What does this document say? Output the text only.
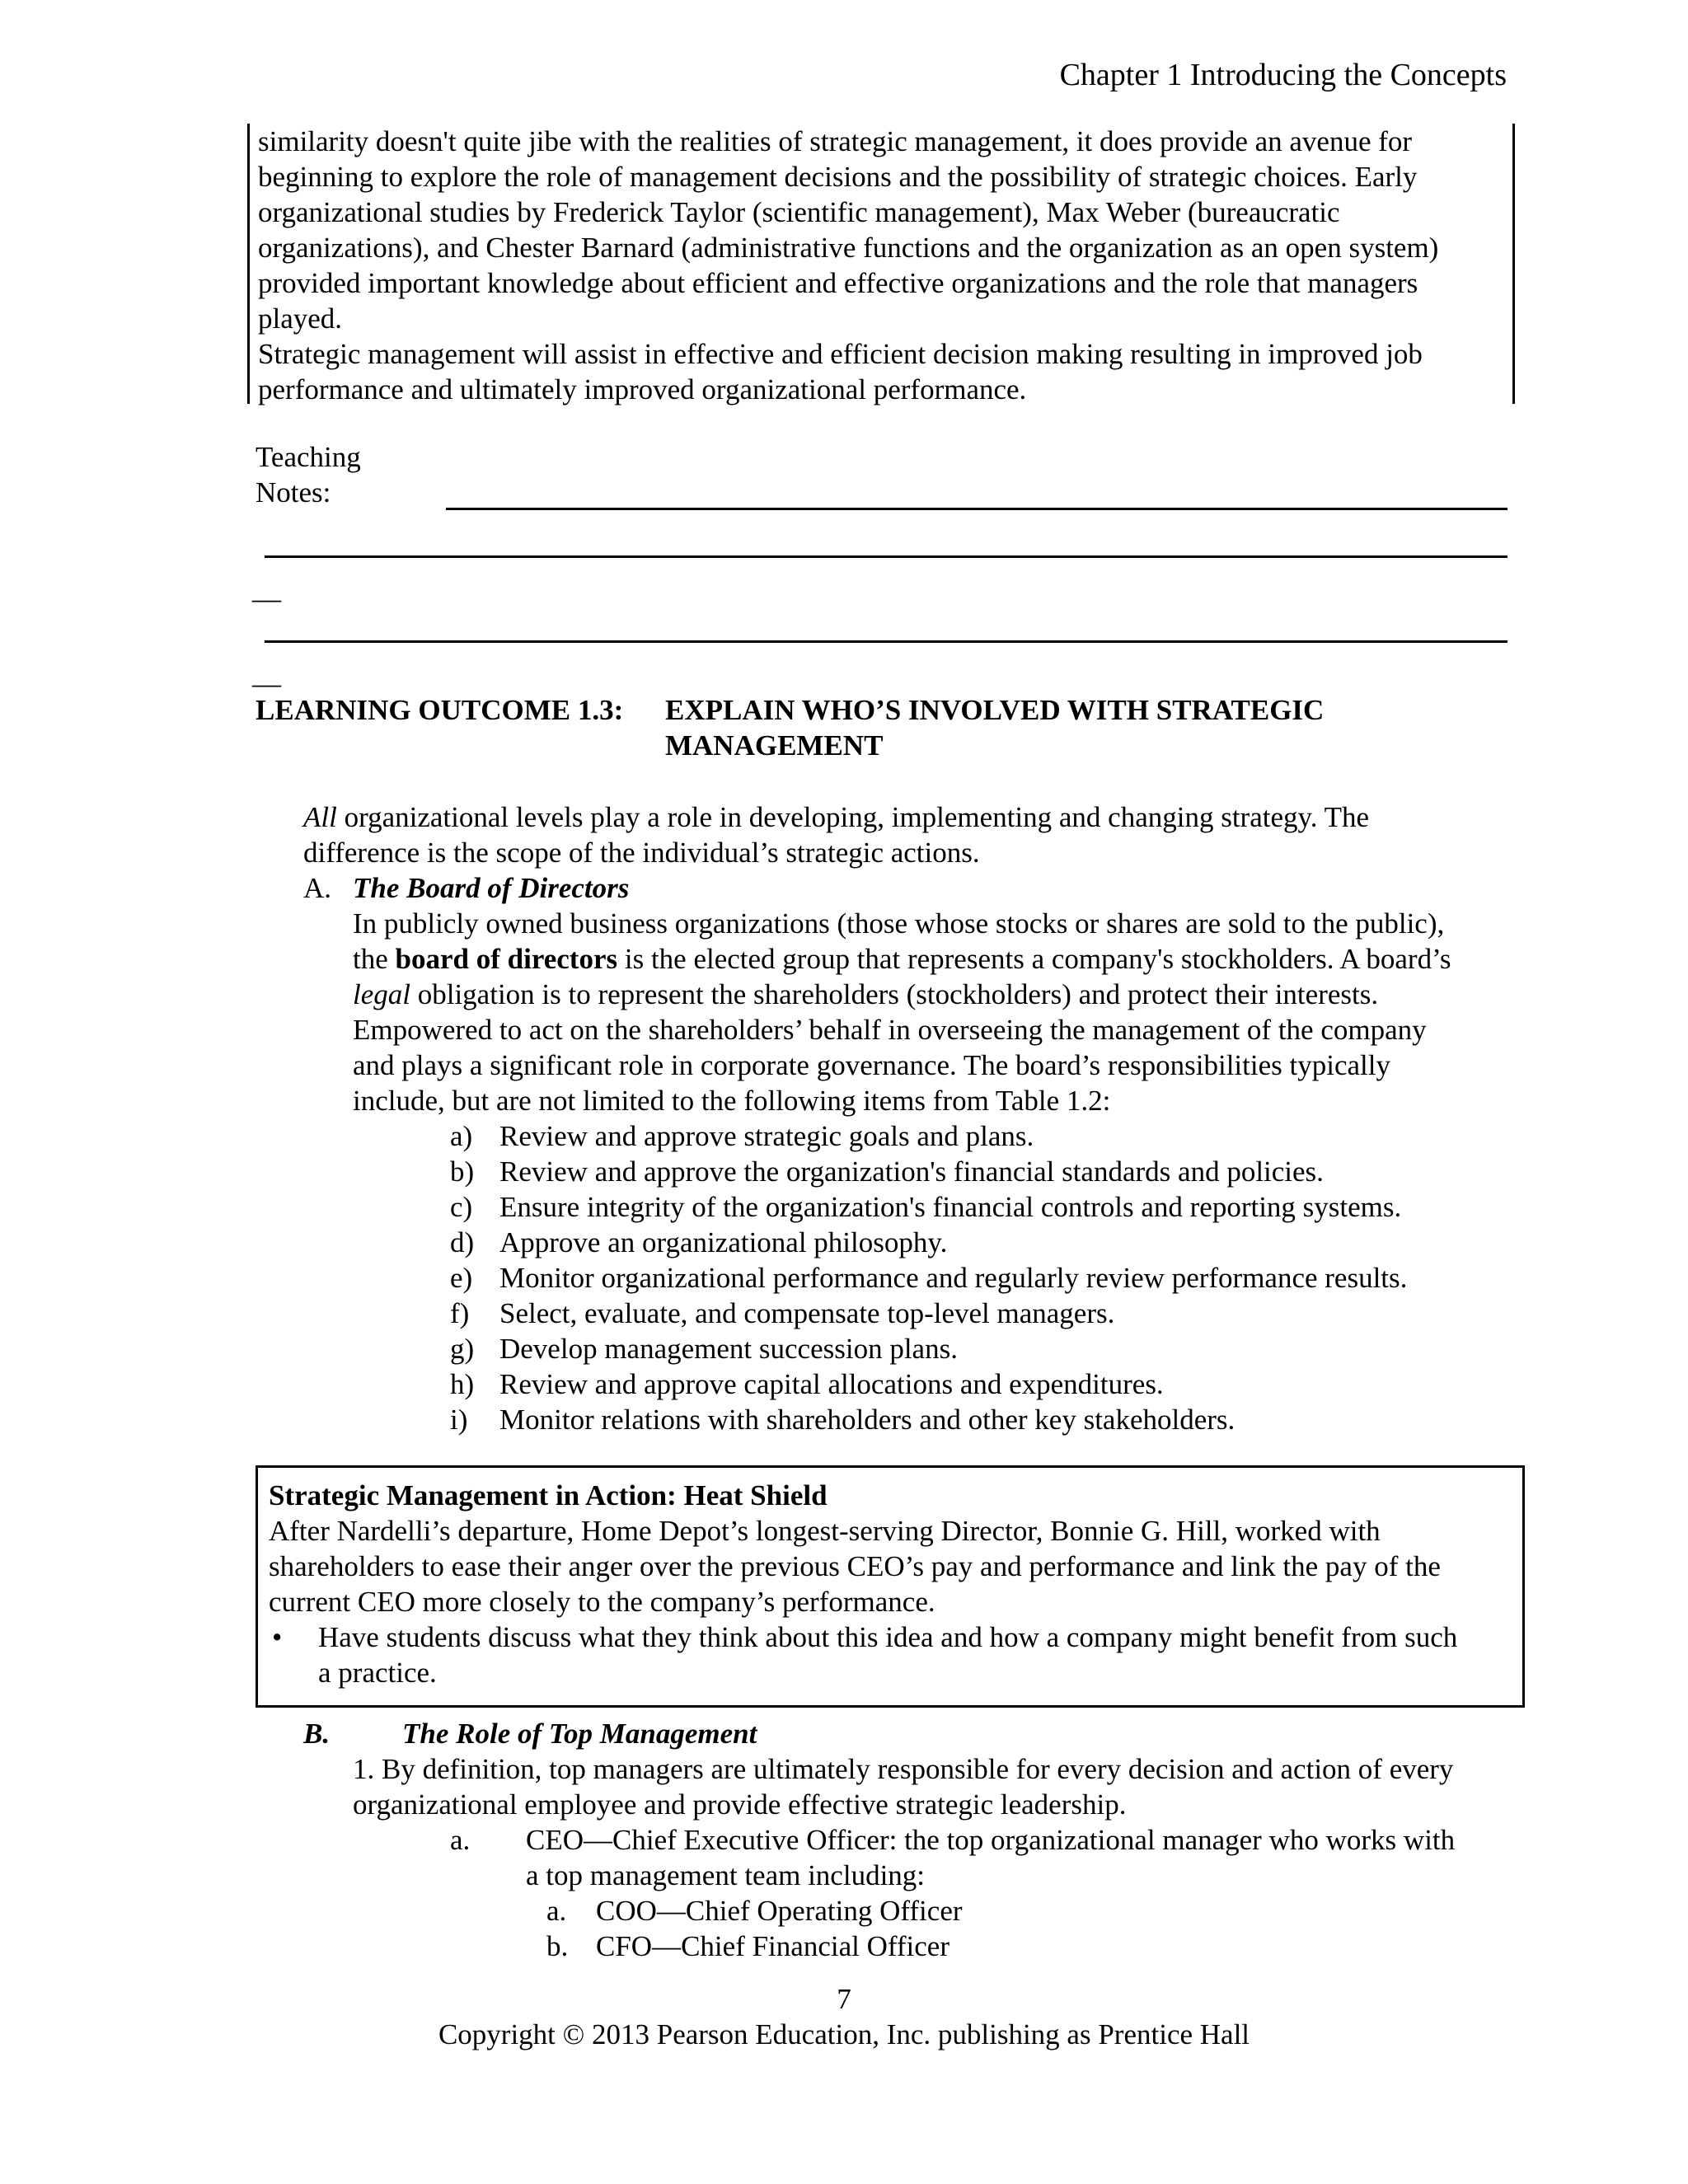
Chapter 1 Introducing the Concepts

similarity doesn't quite jibe with the realities of strategic management, it does provide an avenue for

beginning to explore the role of management decisions and the possibility of strategic choices. Early

organizational studies by Frederick Taylor (scientific management), Max Weber (bureaucratic

organizations), and Chester Barnard (administrative functions and the organization as an open system)

provided important knowledge about efficient and effective organizations and the role that managers

played.

Strategic management will assist in effective and efficient decision making resulting in improved job

performance and ultimately improved organizational performance.

Teaching
Notes:
__
__
LEARNING OUTCOME 1.3: EXPLAIN WHO’S INVOLVED WITH STRATEGIC
MANAGEMENT
All organizational levels play a role in developing, implementing and changing strategy. The
difference is the scope of the individual’s strategic actions.
A. The Board of Directors
In publicly owned business organizations (those whose stocks or shares are sold to the public),
the board of directors is the elected group that represents a company's stockholders. A board’s
legal obligation is to represent the shareholders (stockholders) and protect their interests.
Empowered to act on the shareholders’ behalf in overseeing the management of the company
and plays a significant role in corporate governance. The board’s responsibilities typically
include, but are not limited to the following items from Table 1.2:
a) Review and approve strategic goals and plans.
b) Review and approve the organization's financial standards and policies.
c) Ensure integrity of the organization's financial controls and reporting systems.
d) Approve an organizational philosophy.
e) Monitor organizational performance and regularly review performance results.
f) Select, evaluate, and compensate top-level managers.
g) Develop management succession plans.
h) Review and approve capital allocations and expenditures.
i) Monitor relations with shareholders and other key stakeholders.

Strategic Management in Action: Heat Shield

After Nardelli’s departure, Home Depot’s longest-serving Director, Bonnie G. Hill, worked with

shareholders to ease their anger over the previous CEO’s pay and performance and link the pay of the

current CEO more closely to the company’s performance.

• Have students discuss what they think about this idea and how a company might benefit from such
a practice.
B.	The Role of Top Management
1. By definition, top managers are ultimately responsible for every decision and action of every
organizational employee and provide effective strategic leadership.
a. CEO—Chief Executive Officer: the top organizational manager who works with
a top management team including:
a. COO—Chief Operating Officer
b. CFO—Chief Financial Officer
7
Copyright © 2013 Pearson Education, Inc. publishing as Prentice Hall
